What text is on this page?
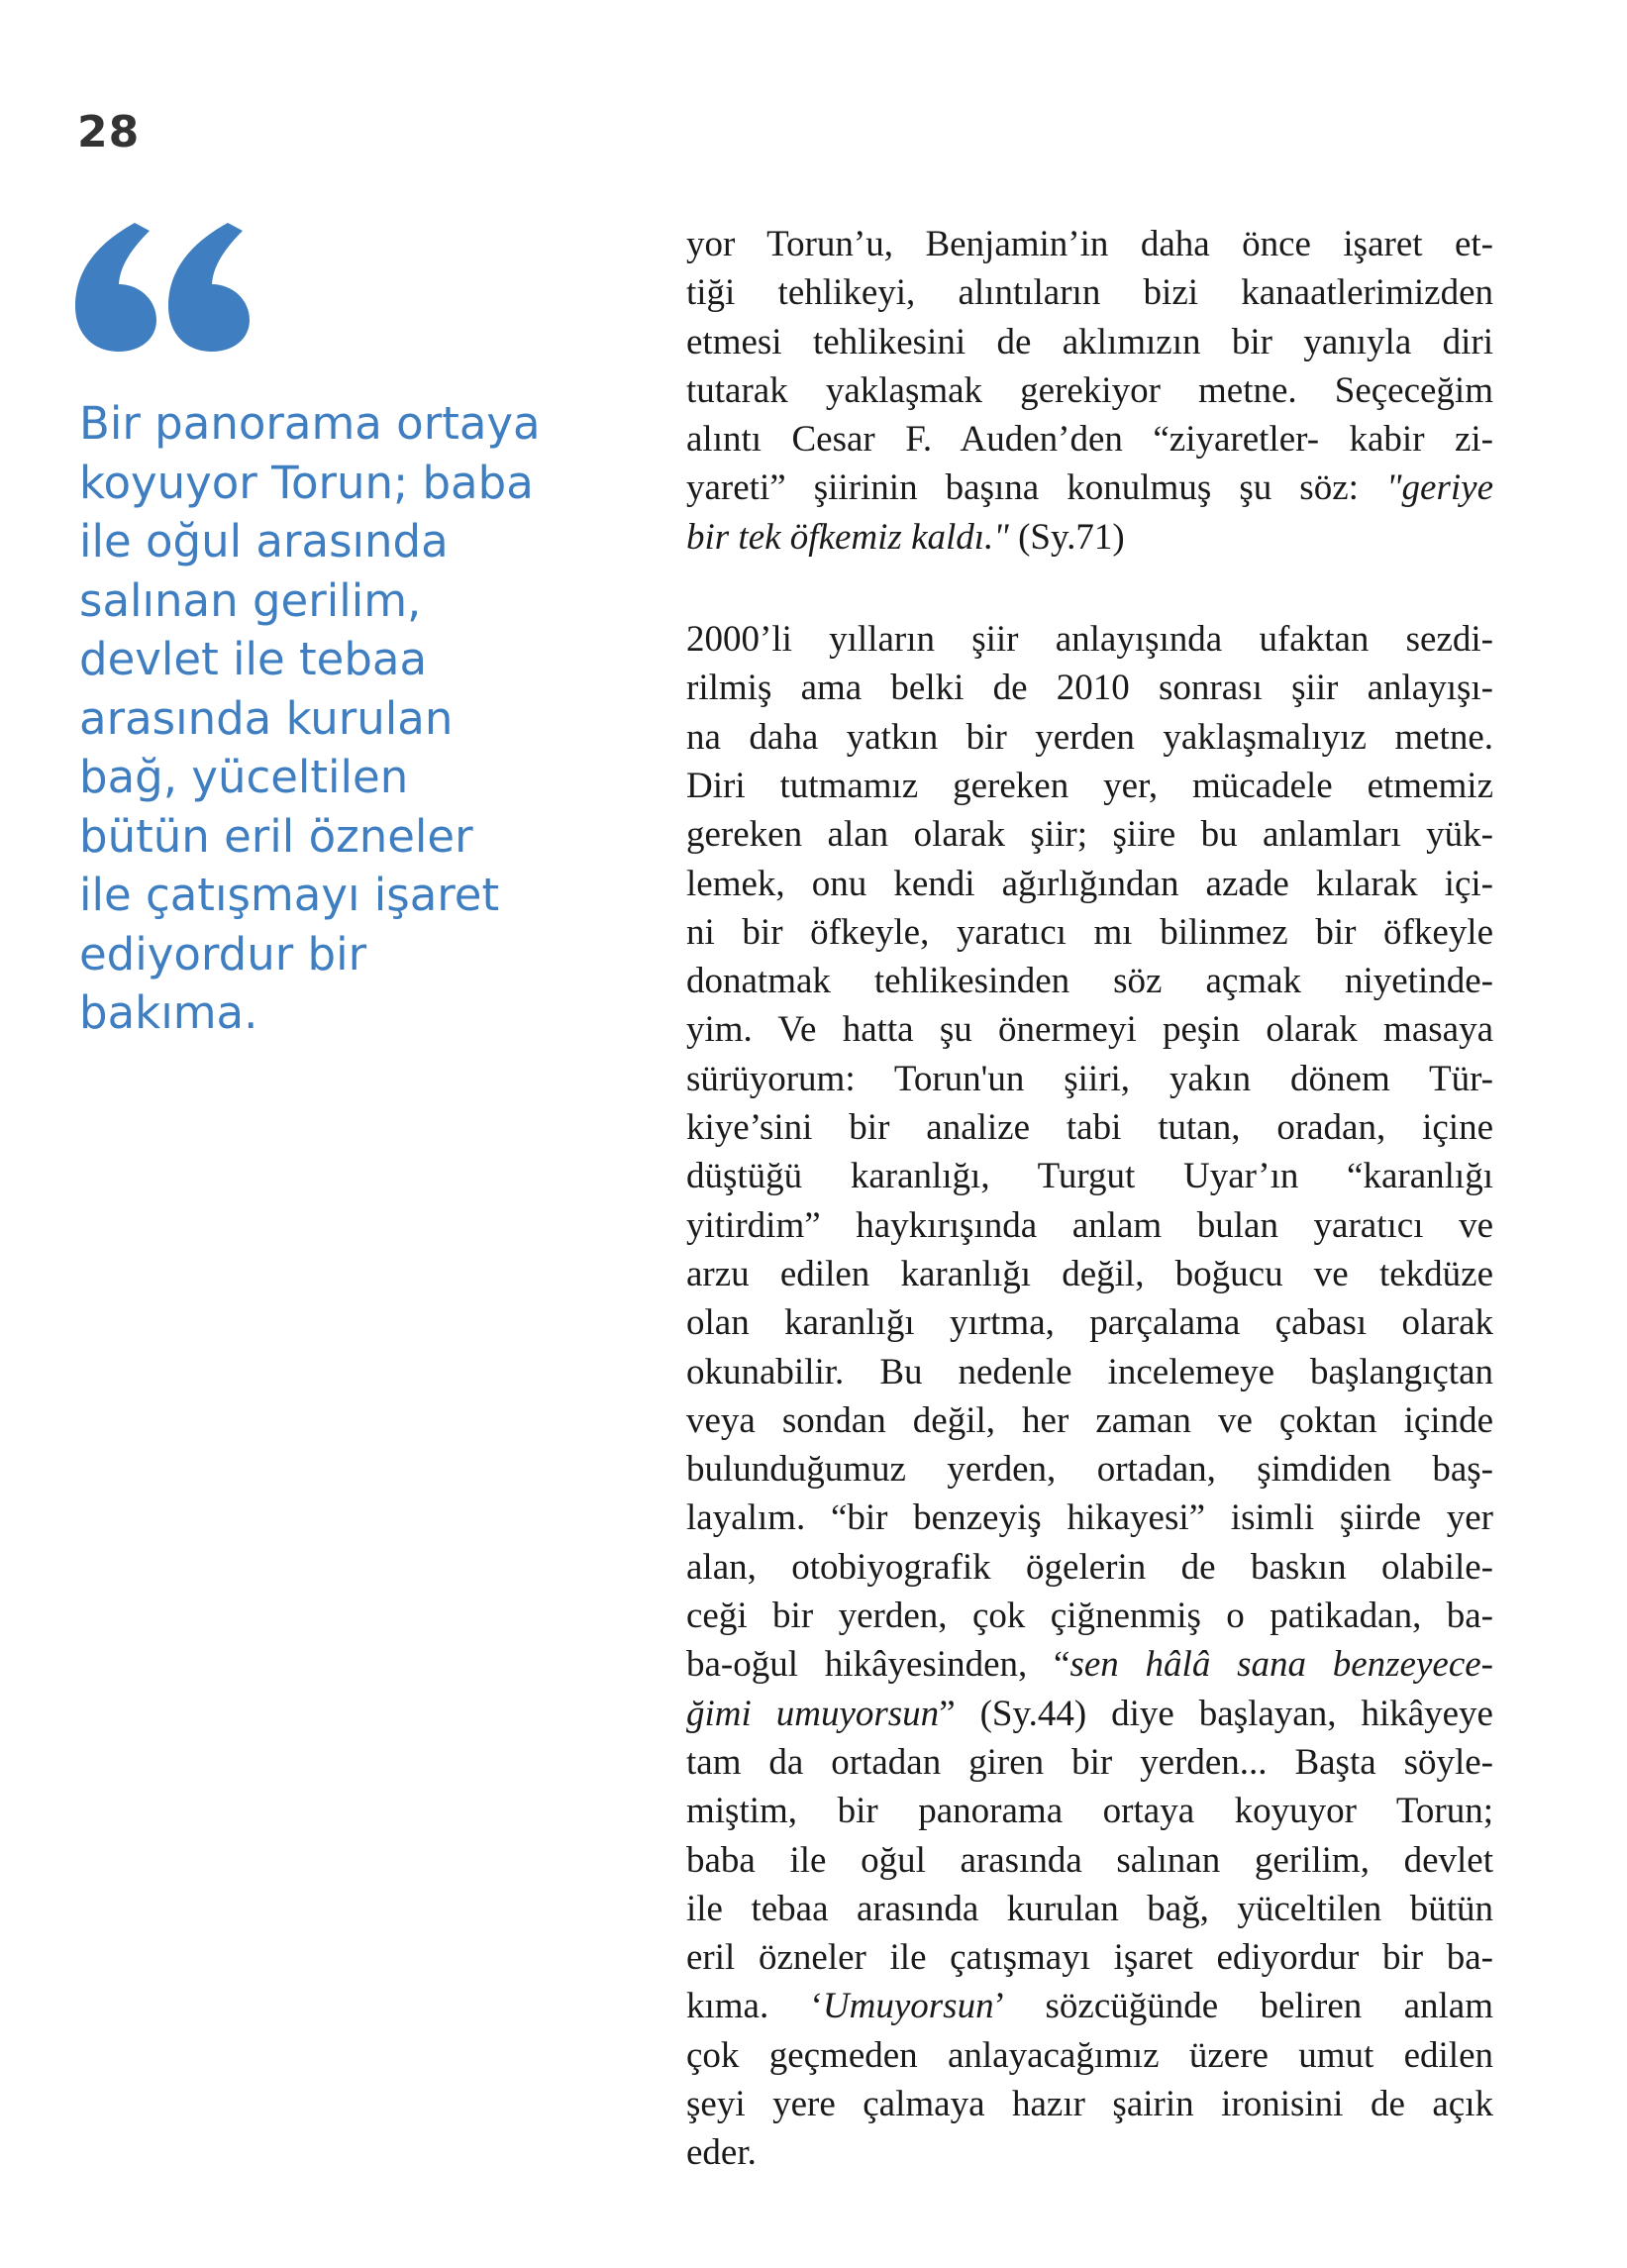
28
Bir panorama ortaya
koyuyor Torun; baba
ile oğul arasında
salınan gerilim,
devlet ile tebaa
arasında kurulan
bağ, yüceltilen
bütün eril özneler
ile çatışmayı işaret
ediyordur bir
bakıma.
yor Torun’u, Benjamin’in daha önce işaret et-
tiği tehlikeyi, alıntıların bizi kanaatlerimizden
etmesi tehlikesini de aklımızın bir yanıyla diri
tutarak yaklaşmak gerekiyor metne. Seçeceğim
alıntı Cesar F. Auden’den “ziyaretler- kabir zi-
yareti” şiirinin başına konulmuş şu söz: "geriye
bir tek öfkemiz kaldı." (Sy.71)
2000’li yılların şiir anlayışında ufaktan sezdi-
rilmiş ama belki de 2010 sonrası şiir anlayışı-
na daha yatkın bir yerden yaklaşmalıyız metne.
Diri tutmamız gereken yer, mücadele etmemiz
gereken alan olarak şiir; şiire bu anlamları yük-
lemek, onu kendi ağırlığından azade kılarak içi-
ni bir öfkeyle, yaratıcı mı bilinmez bir öfkeyle
donatmak tehlikesinden söz açmak niyetinde-
yim. Ve hatta şu önermeyi peşin olarak masaya
sürüyorum: Torun'un şiiri, yakın dönem Tür-
kiye’sini bir analize tabi tutan, oradan, içine
düştüğü karanlığı, Turgut Uyar’ın “karanlığı
yitirdim” haykırışında anlam bulan yaratıcı ve
arzu edilen karanlığı değil, boğucu ve tekdüze
olan karanlığı yırtma, parçalama çabası olarak
okunabilir. Bu nedenle incelemeye başlangıçtan
veya sondan değil, her zaman ve çoktan içinde
bulunduğumuz yerden, ortadan, şimdiden baş-
layalım. “bir benzeyiş hikayesi” isimli şiirde yer
alan, otobiyografik ögelerin de baskın olabile-
ceği bir yerden, çok çiğnenmiş o patikadan, ba-
ba-oğul hikâyesinden, “sen hâlâ sana benzeyece-
ğimi umuyorsun” (Sy.44) diye başlayan, hikâyeye
tam da ortadan giren bir yerden... Başta söyle-
miştim, bir panorama ortaya koyuyor Torun;
baba ile oğul arasında salınan gerilim, devlet
ile tebaa arasında kurulan bağ, yüceltilen bütün
eril özneler ile çatışmayı işaret ediyordur bir ba-
kıma. ‘Umuyorsun’ sözcüğünde beliren anlam
çok geçmeden anlayacağımız üzere umut edilen
şeyi yere çalmaya hazır şairin ironisini de açık
eder.
